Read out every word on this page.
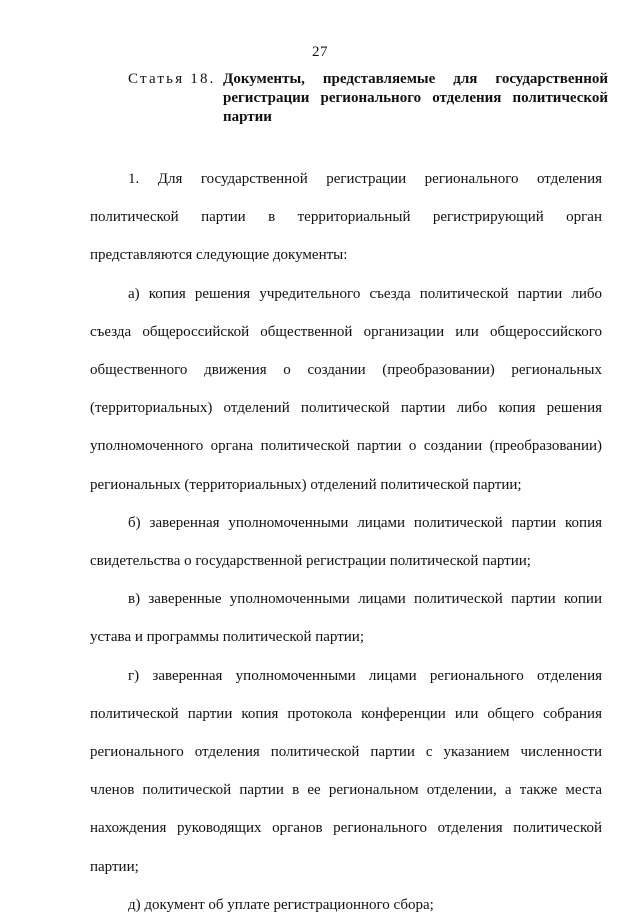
27
Статья 18. Документы, представляемые для государственной
регистрации регионального отделения политической
партии
1. Для государственной регистрации регионального отделения
политической партии в территориальный регистрирующий орган
представляются следующие документы:
а) копия решения учредительного съезда политической партии либо
съезда общероссийской общественной организации или общероссийского
общественного движения о создании (преобразовании) региональных
(территориальных) отделений политической партии либо копия решения
уполномоченного органа политической партии о создании (преобразовании)
региональных (территориальных) отделений политической партии;
б) заверенная уполномоченными лицами политической партии копия
свидетельства о государственной регистрации политической партии;
в) заверенные уполномоченными лицами политической партии копии
устава и программы политической партии;
г) заверенная уполномоченными лицами регионального отделения
политической партии копия протокола конференции или общего собрания
регионального отделения политической партии с указанием численности
членов политической партии в ее региональном отделении, а также места
нахождения руководящих органов регионального отделения политической
партии;
д) документ об уплате регистрационного сбора;
